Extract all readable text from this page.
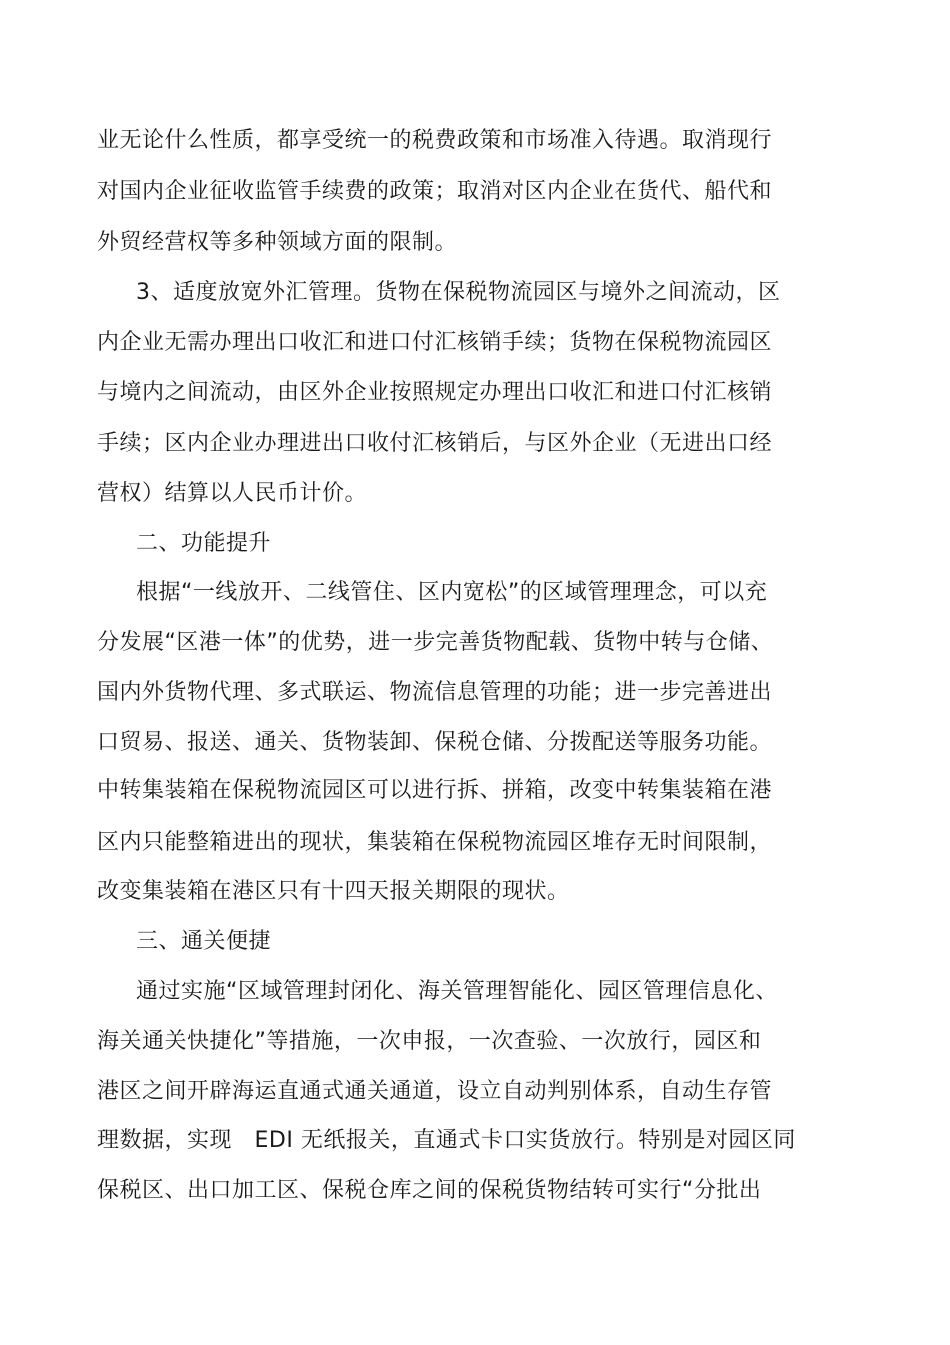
业无论什么性质，都享受统一的税费政策和市场准入待遇。取消现行
对国内企业征收监管手续费的政策；取消对区内企业在货代、船代和
外贸经营权等多种领域方面的限制。
3、适度放宽外汇管理。货物在保税物流园区与境外之间流动，区
内企业无需办理出口收汇和进口付汇核销手续；货物在保税物流园区
与境内之间流动，由区外企业按照规定办理出口收汇和进口付汇核销
手续；区内企业办理进出口收付汇核销后，与区外企业（无进出口经
营权）结算以人民币计价。
二、功能提升
根据“一线放开、二线管住、区内宽松”的区域管理理念，可以充
分发展“区港一体”的优势，进一步完善货物配载、货物中转与仓储、
国内外货物代理、多式联运、物流信息管理的功能；进一步完善进出
口贸易、报送、通关、货物装卸、保税仓储、分拨配送等服务功能。
中转集装箱在保税物流园区可以进行拆、拼箱，改变中转集装箱在港
区内只能整箱进出的现状，集装箱在保税物流园区堆存无时间限制，
改变集装箱在港区只有十四天报关期限的现状。
三、通关便捷
通过实施“区域管理封闭化、海关管理智能化、园区管理信息化、
海关通关快捷化”等措施，一次申报，一次查验、一次放行，园区和
港区之间开辟海运直通式通关通道，设立自动判别体系，自动生存管
理数据，实现　EDI 无纸报关，直通式卡口实货放行。特别是对园区同
保税区、出口加工区、保税仓库之间的保税货物结转可实行“分批出
